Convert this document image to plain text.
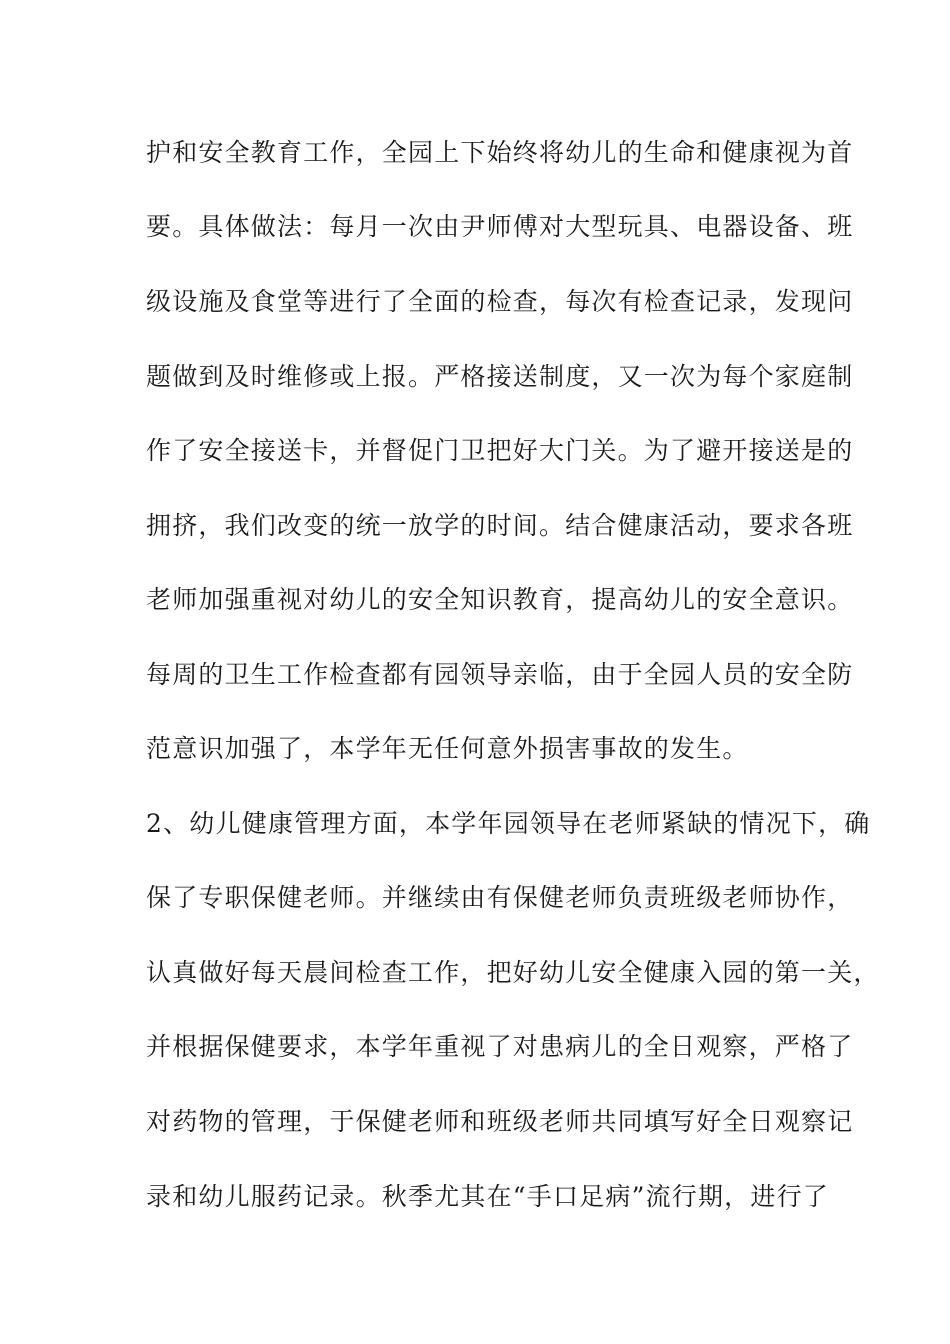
护和安全教育工作，全园上下始终将幼儿的生命和健康视为首
要。具体做法：每月一次由尹师傅对大型玩具、电器设备、班
级设施及食堂等进行了全面的检查，每次有检查记录，发现问
题做到及时维修或上报。严格接送制度，又一次为每个家庭制
作了安全接送卡，并督促门卫把好大门关。为了避开接送是的
拥挤，我们改变的统一放学的时间。结合健康活动，要求各班
老师加强重视对幼儿的安全知识教育，提高幼儿的安全意识。
每周的卫生工作检查都有园领导亲临，由于全园人员的安全防
范意识加强了，本学年无任何意外损害事故的发生。
2、幼儿健康管理方面，本学年园领导在老师紧缺的情况下，确
保了专职保健老师。并继续由有保健老师负责班级老师协作，
认真做好每天晨间检查工作，把好幼儿安全健康入园的第一关，
并根据保健要求，本学年重视了对患病儿的全日观察，严格了
对药物的管理，于保健老师和班级老师共同填写好全日观察记
录和幼儿服药记录。秋季尤其在“手口足病”流行期，进行了
